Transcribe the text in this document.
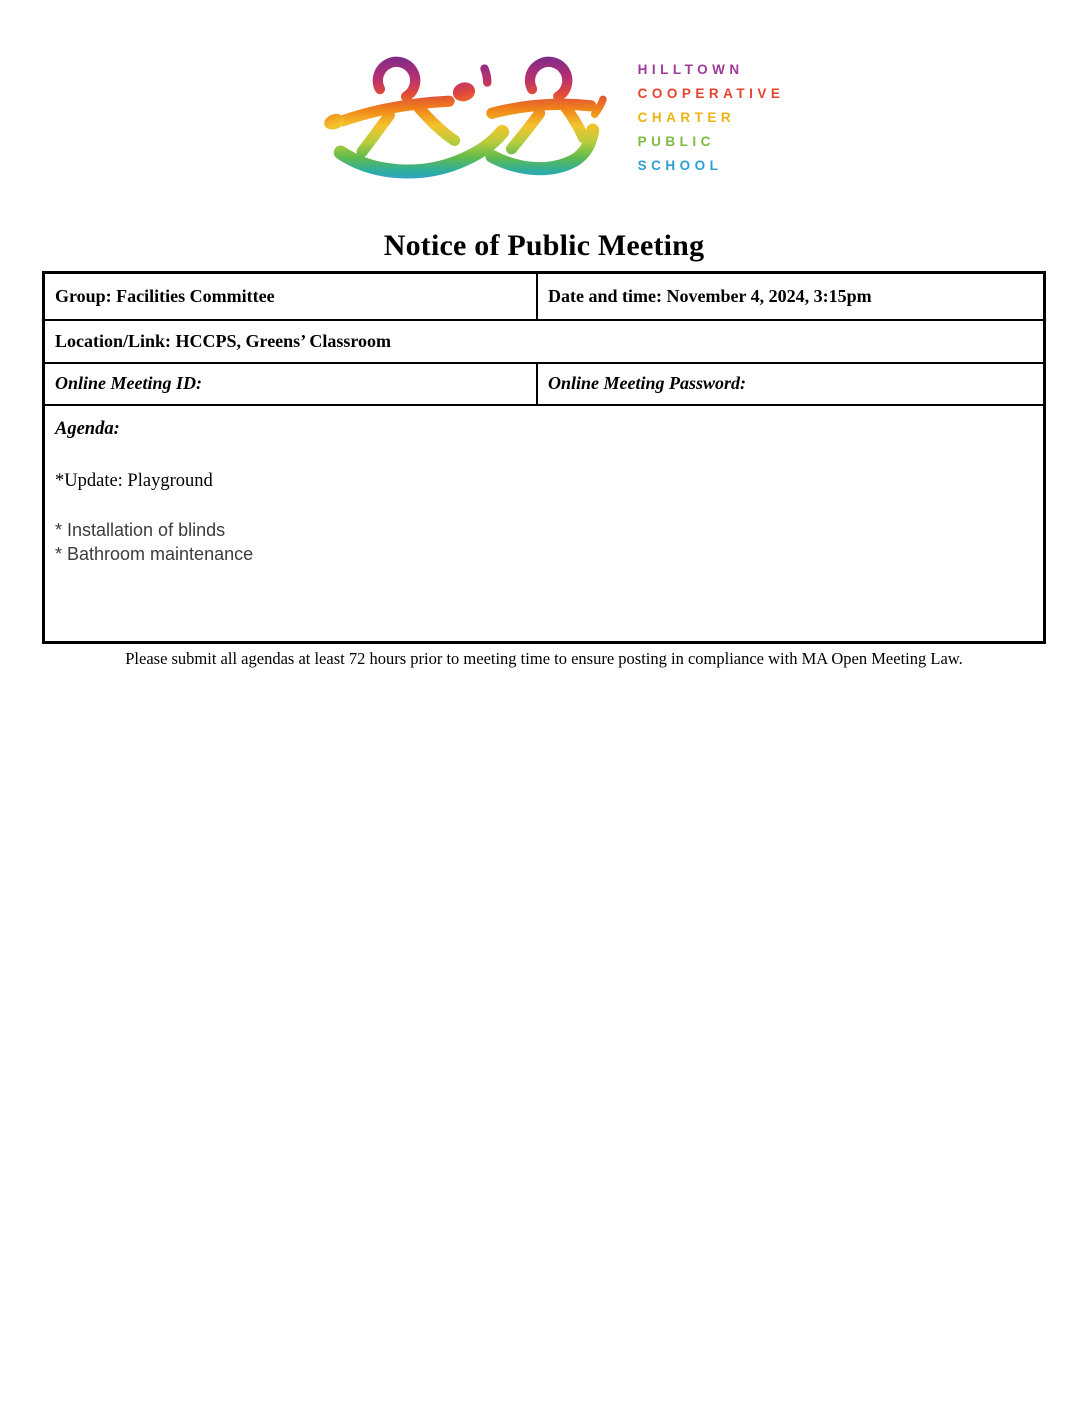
HILLTOWN
COOPERATIVE
CHARTER
PUBLIC
SCHOOL
Notice of Public Meeting
Group: Facilities Committee	Date and time: November 4, 2024, 3:15pm
Location/Link: HCCPS, Greens’ Classroom	
Online Meeting ID:	Online Meeting Password:

Agenda:
*Update: Playground
* Installation of blinds
* Bathroom maintenance	
Please submit all agendas at least 72 hours prior to meeting time to ensure posting in compliance with MA Open Meeting Law.
